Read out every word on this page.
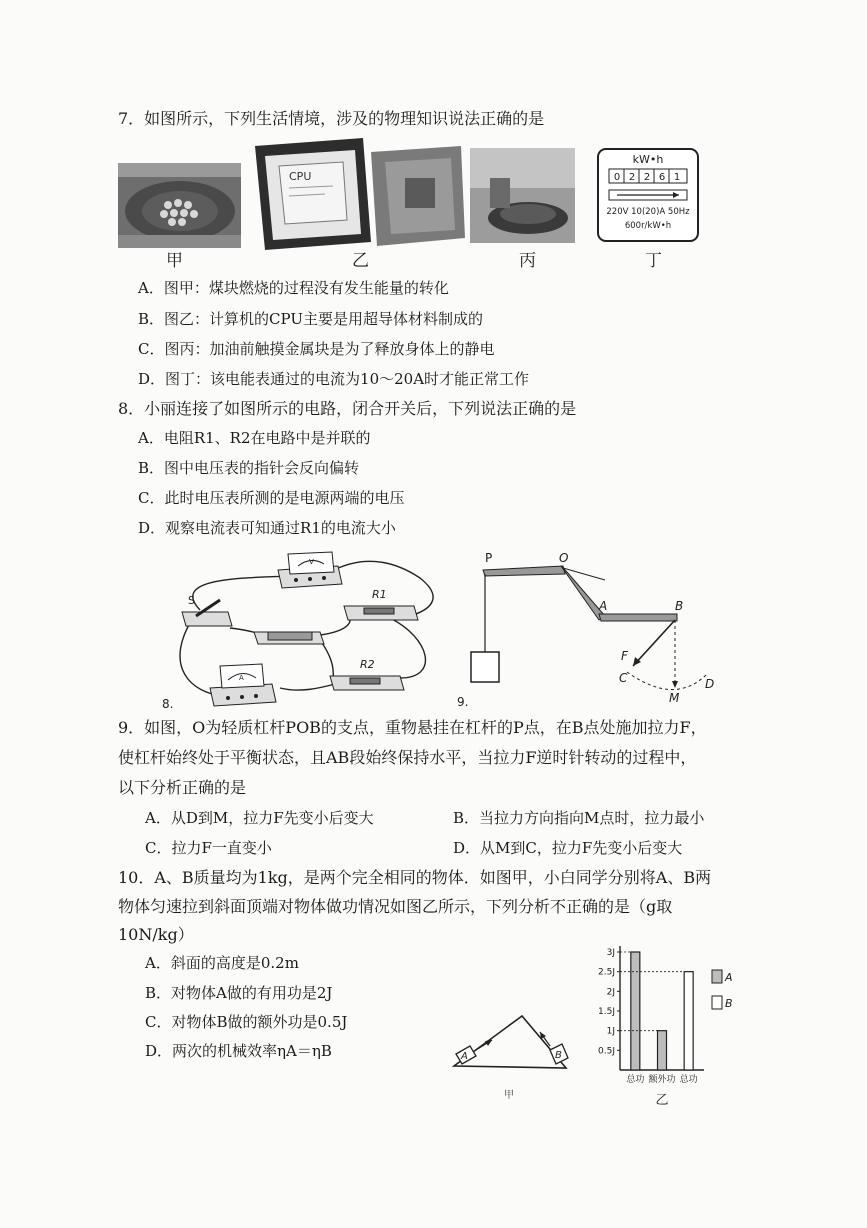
7．如图所示，下列生活情境，涉及的物理知识说法正确的是
CPU
kW•h
0 2 2 6 1
220V 10(20)A 50Hz
600r/kW•h
甲	乙	丙	丁
A．图甲：煤块燃烧的过程没有发生能量的转化
B．图乙：计算机的CPU主要是用超导体材料制成的
C．图丙：加油前触摸金属块是为了释放身体上的静电
D．图丁：该电能表通过的电流为10～20A时才能正常工作
8．小丽连接了如图所示的电路，闭合开关后，下列说法正确的是
A．电阻R1、R2在电路中是并联的
B．图中电压表的指针会反向偏转
C．此时电压表所测的是电源两端的电压
D．观察电流表可知通过R1的电流大小
V
S	R1
R2
A
8.
P	O
A	B
F
C
M
D
9.
9．如图，O为轻质杠杆POB的支点，重物悬挂在杠杆的P点，在B点处施加拉力F，
使杠杆始终处于平衡状态，且AB段始终保持水平，当拉力F逆时针转动的过程中，
以下分析正确的是
A．从D到M，拉力F先变小后变大	B．当拉力方向指向M点时，拉力最小
C．拉力F一直变小	D．从M到C，拉力F先变小后变大
10．A、B质量均为1kg，是两个完全相同的物体．如图甲，小白同学分别将A、B两
物体匀速拉到斜面顶端对物体做功情况如图乙所示，下列分析不正确的是（g取
10N/kg）
A．斜面的高度是0.2m
B．对物体A做的有用功是2J
C．对物体B做的额外功是0.5J
D．两次的机械效率ηA＝ηB	A	B
甲
0.5J
1J
1.5J
2J
2.5J
3J
总功 额外功 总功
A
B
乙
